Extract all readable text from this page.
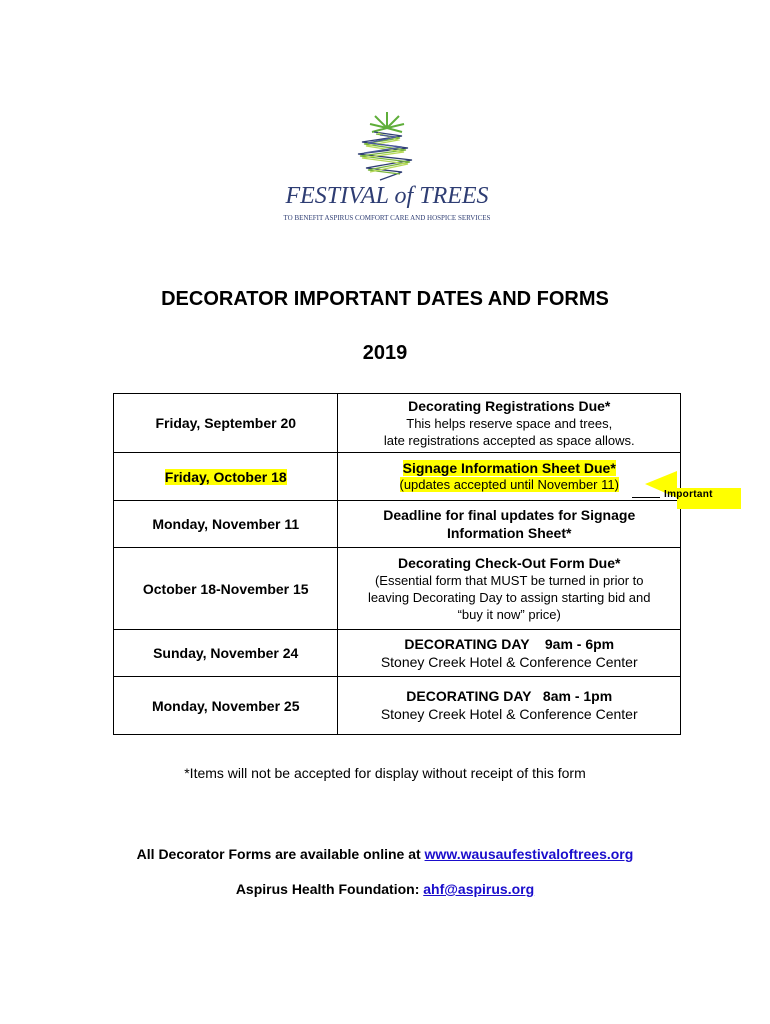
FESTIVAL of TREES
TO BENEFIT ASPIRUS COMFORT CARE AND HOSPICE SERVICES
DECORATOR IMPORTANT DATES AND FORMS
2019
Friday, September 20	Decorating Registrations Due*
This helps reserve space and trees,
late registrations accepted as space allows.

Friday, October 18	Signage Information Sheet Due*
(updates accepted until November 11)

Monday, November 11	Deadline for final updates for Signage
Information Sheet*

October 18-November 15	Decorating Check-Out Form Due*
(Essential form that MUST be turned in prior to
leaving Decorating Day to assign starting bid and
“buy it now” price)

Sunday, November 24	DECORATING DAY    9am - 6pm
Stoney Creek Hotel & Conference Center

Monday, November 25	DECORATING DAY   8am - 1pm
Stoney Creek Hotel & Conference Center
Important
*Items will not be accepted for display without receipt of this form
All Decorator Forms are available online at www.wausaufestivaloftrees.org
Aspirus Health Foundation: ahf@aspirus.org
